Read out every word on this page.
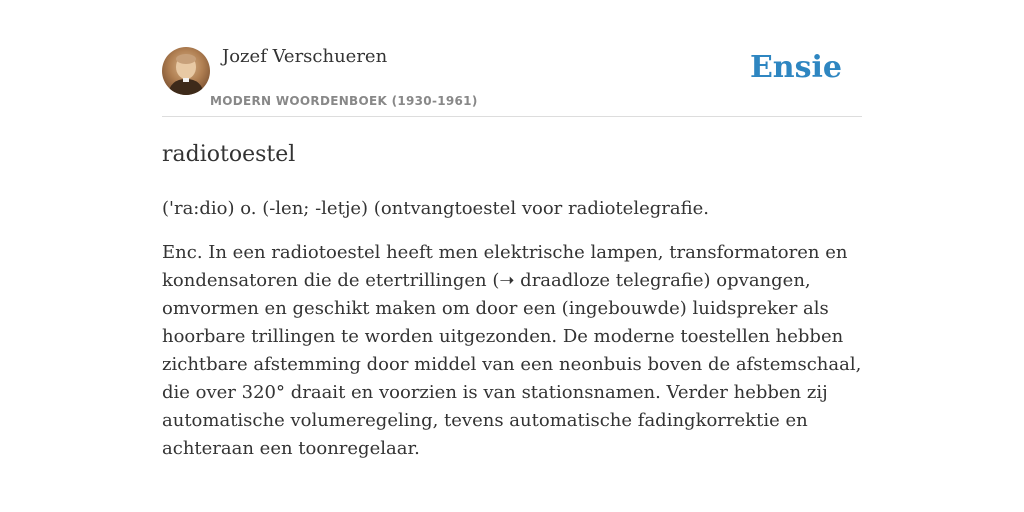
Jozef Verschueren
MODERN WOORDENBOEK (1930-1961)
Ensie
radiotoestel

('ra:dio) o. (-len; -letje) (ontvangtoestel voor radiotelegrafie.

Enc. In een radiotoestel heeft men elektrische lampen, transformatoren en kondensatoren die de etertrillingen (➝ draadloze telegrafie) opvangen, omvormen en geschikt maken om door een (ingebouwde) luidspreker als hoorbare trillingen te worden uitgezonden. De moderne toestellen hebben zichtbare afstemming door middel van een neonbuis boven de afstemschaal, die over 320° draait en voorzien is van stationsnamen. Verder hebben zij automatische volumeregeling, tevens automatische fadingkorrektie en achteraan een toonregelaar.
